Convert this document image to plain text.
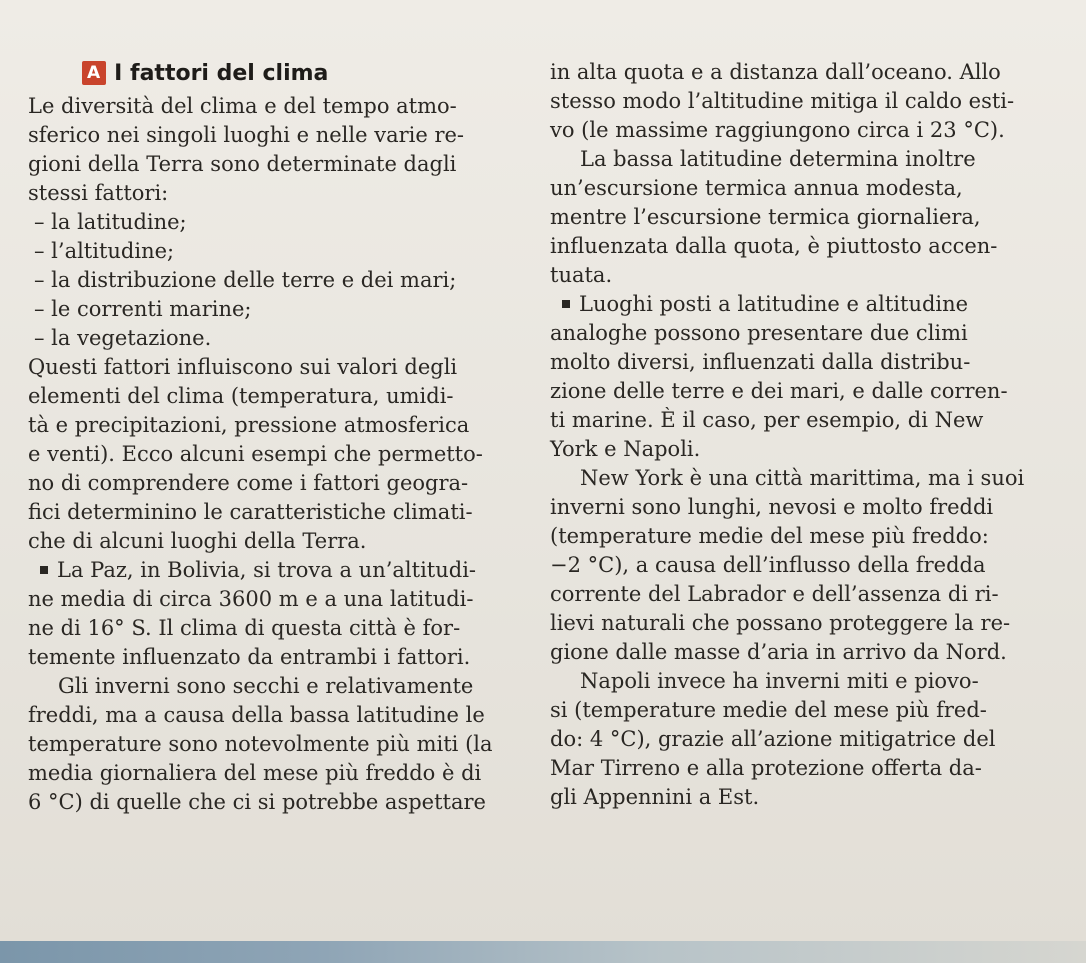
A I fattori del clima
Le diversità del clima e del tempo atmo-
sferico nei singoli luoghi e nelle varie re-
gioni della Terra sono determinate dagli
stessi fattori:
– la latitudine;
– l’altitudine;
– la distribuzione delle terre e dei mari;
– le correnti marine;
– la vegetazione.
Questi fattori influiscono sui valori degli
elementi del clima (temperatura, umidi-
tà e precipitazioni, pressione atmosferica
e venti). Ecco alcuni esempi che permetto-
no di comprendere come i fattori geogra-
fici determinino le caratteristiche climati-
che di alcuni luoghi della Terra.
La Paz, in Bolivia, si trova a un’altitudi-
ne media di circa 3600 m e a una latitudi-
ne di 16° S. Il clima di questa città è for-
temente influenzato da entrambi i fattori.
Gli inverni sono secchi e relativamente
freddi, ma a causa della bassa latitudine le
temperature sono notevolmente più miti (la
media giornaliera del mese più freddo è di
6 °C) di quelle che ci si potrebbe aspettare
in alta quota e a distanza dall’oceano. Allo
stesso modo l’altitudine mitiga il caldo esti-
vo (le massime raggiungono circa i 23 °C).
La bassa latitudine determina inoltre
un’escursione termica annua modesta,
mentre l’escursione termica giornaliera,
influenzata dalla quota, è piuttosto accen-
tuata.
Luoghi posti a latitudine e altitudine
analoghe possono presentare due climi
molto diversi, influenzati dalla distribu-
zione delle terre e dei mari, e dalle corren-
ti marine. È il caso, per esempio, di New
York e Napoli.
New York è una città marittima, ma i suoi
inverni sono lunghi, nevosi e molto freddi
(temperature medie del mese più freddo:
−2 °C), a causa dell’influsso della fredda
corrente del Labrador e dell’assenza di ri-
lievi naturali che possano proteggere la re-
gione dalle masse d’aria in arrivo da Nord.
Napoli invece ha inverni miti e piovo-
si (temperature medie del mese più fred-
do: 4 °C), grazie all’azione mitigatrice del
Mar Tirreno e alla protezione offerta da-
gli Appennini a Est.
